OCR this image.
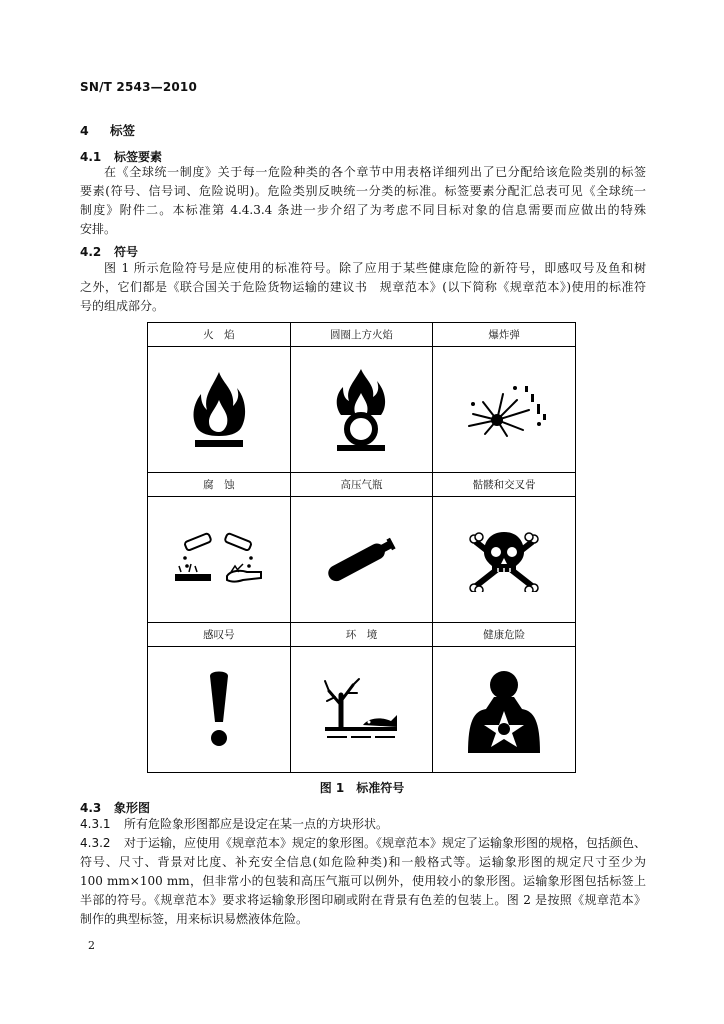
SN/T 2543—2010
4 标签
4.1 标签要素
在《全球统一制度》关于每一危险种类的各个章节中用表格详细列出了已分配给该危险类别的标签
要素(符号、信号词、危险说明)。危险类别反映统一分类的标准。标签要素分配汇总表可见《全球统一
制度》附件二。本标准第 4.4.3.4 条进一步介绍了为考虑不同目标对象的信息需要而应做出的特殊
安排。
4.2 符号
图 1 所示危险符号是应使用的标准符号。除了应用于某些健康危险的新符号，即感叹号及鱼和树
之外，它们都是《联合国关于危险货物运输的建议书　规章范本》(以下简称《规章范本》)使用的标准符
号的组成部分。
火　焰	圆圈上方火焰	爆炸弹

腐　蚀	高压气瓶	骷髅和交叉骨

感叹号	环　境	健康危险

图 1　标准符号
4.3 象形图
4.3.1 所有危险象形图都应是设定在某一点的方块形状。
4.3.2 对于运输，应使用《规章范本》规定的象形图。《规章范本》规定了运输象形图的规格，包括颜色、
符号、尺寸、背景对比度、补充安全信息(如危险种类)和一般格式等。运输象形图的规定尺寸至少为
100 mm×100 mm，但非常小的包装和高压气瓶可以例外，使用较小的象形图。运输象形图包括标签上
半部的符号。《规章范本》要求将运输象形图印刷或附在背景有色差的包装上。图 2 是按照《规章范本》
制作的典型标签，用来标识易燃液体危险。
2
